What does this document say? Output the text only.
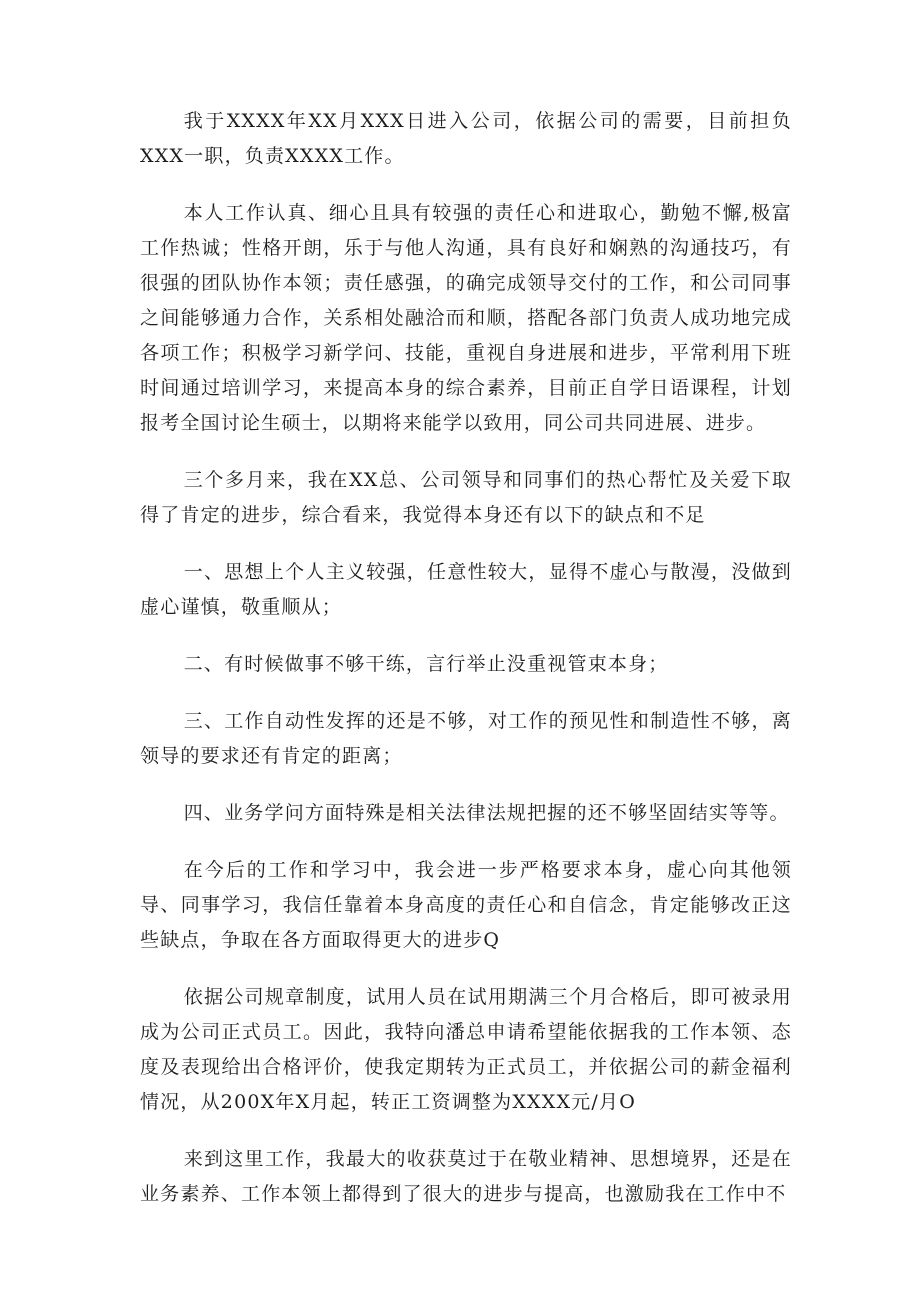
我于XXXX年XX月XXX日进入公司，依据公司的需要，目前担负XXX一职，负责XXXX工作。

本人工作认真、细心且具有较强的责任心和进取心，勤勉不懈,极富工作热诚；性格开朗，乐于与他人沟通，具有良好和娴熟的沟通技巧，有很强的团队协作本领；责任感强，的确完成领导交付的工作，和公司同事之间能够通力合作，关系相处融洽而和顺，搭配各部门负责人成功地完成各项工作；积极学习新学问、技能，重视自身进展和进步，平常利用下班时间通过培训学习，来提高本身的综合素养，目前正自学日语课程，计划报考全国讨论生硕士，以期将来能学以致用，同公司共同进展、进步。

三个多月来，我在XX总、公司领导和同事们的热心帮忙及关爱下取得了肯定的进步，综合看来，我觉得本身还有以下的缺点和不足

一、思想上个人主义较强，任意性较大，显得不虚心与散漫，没做到虚心谨慎，敬重顺从；

二、有时候做事不够干练，言行举止没重视管束本身；

三、工作自动性发挥的还是不够，对工作的预见性和制造性不够，离领导的要求还有肯定的距离；

四、业务学问方面特殊是相关法律法规把握的还不够坚固结实等等。

在今后的工作和学习中，我会进一步严格要求本身，虚心向其他领导、同事学习，我信任靠着本身高度的责任心和自信念，肯定能够改正这些缺点，争取在各方面取得更大的进步Q

依据公司规章制度，试用人员在试用期满三个月合格后，即可被录用成为公司正式员工。因此，我特向潘总申请希望能依据我的工作本领、态度及表现给出合格评价，使我定期转为正式员工，并依据公司的薪金福利情况，从200X年X月起，转正工资调整为XXXX元/月O

来到这里工作，我最大的收获莫过于在敬业精神、思想境界，还是在业务素养、工作本领上都得到了很大的进步与提高，也激励我在工作中不
